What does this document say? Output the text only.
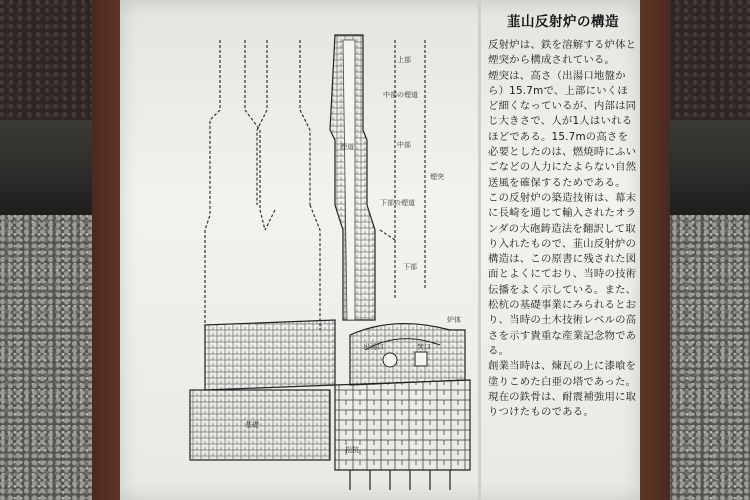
上部
中部の煙道
中部
煙道
煙突
下部の煙道
下部
炉体
出湯口	焚口
基礎
松杭
韮山反射炉の構造

反射炉は、鉄を溶解する炉体と煙突から構成されている。

煙突は、高さ（出湯口地盤から）15.7mで、上部にいくほど細くなっているが、内部は同じ大きさで、人が1人はいれるほどである。15.7mの高さを必要としたのは、燃焼時にふいごなどの人力にたよらない自然送風を確保するためである。

この反射炉の築造技術は、幕末に長崎を通じて輸入されたオランダの大砲鋳造法を翻訳して取り入れたもので、韮山反射炉の構造は、この原書に残された図面とよくにており、当時の技術伝播をよく示している。また、松杭の基礎事業にみられるとおり、当時の土木技術レベルの高さを示す貴重な産業記念物である。

創業当時は、煉瓦の上に漆喰を塗りこめた白亜の塔であった。

現在の鉄骨は、耐震補強用に取りつけたものである。
